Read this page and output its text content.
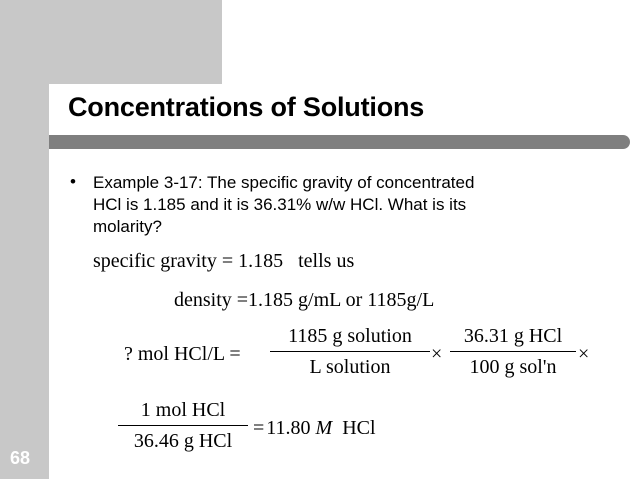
Concentrations of Solutions
• Example 3-17: The specific gravity of concentrated
HCl is 1.185 and it is 36.31% w/w HCl. What is its
molarity?
specific gravity = 1.185   tells us
density =1.185 g/mL or 1185g/L
? mol HCl/L =
1185 g solution
L solution
×
36.31 g HCl
100 g sol'n
×
1 mol HCl
36.46 g HCl
= 11.80 M HCl
68
